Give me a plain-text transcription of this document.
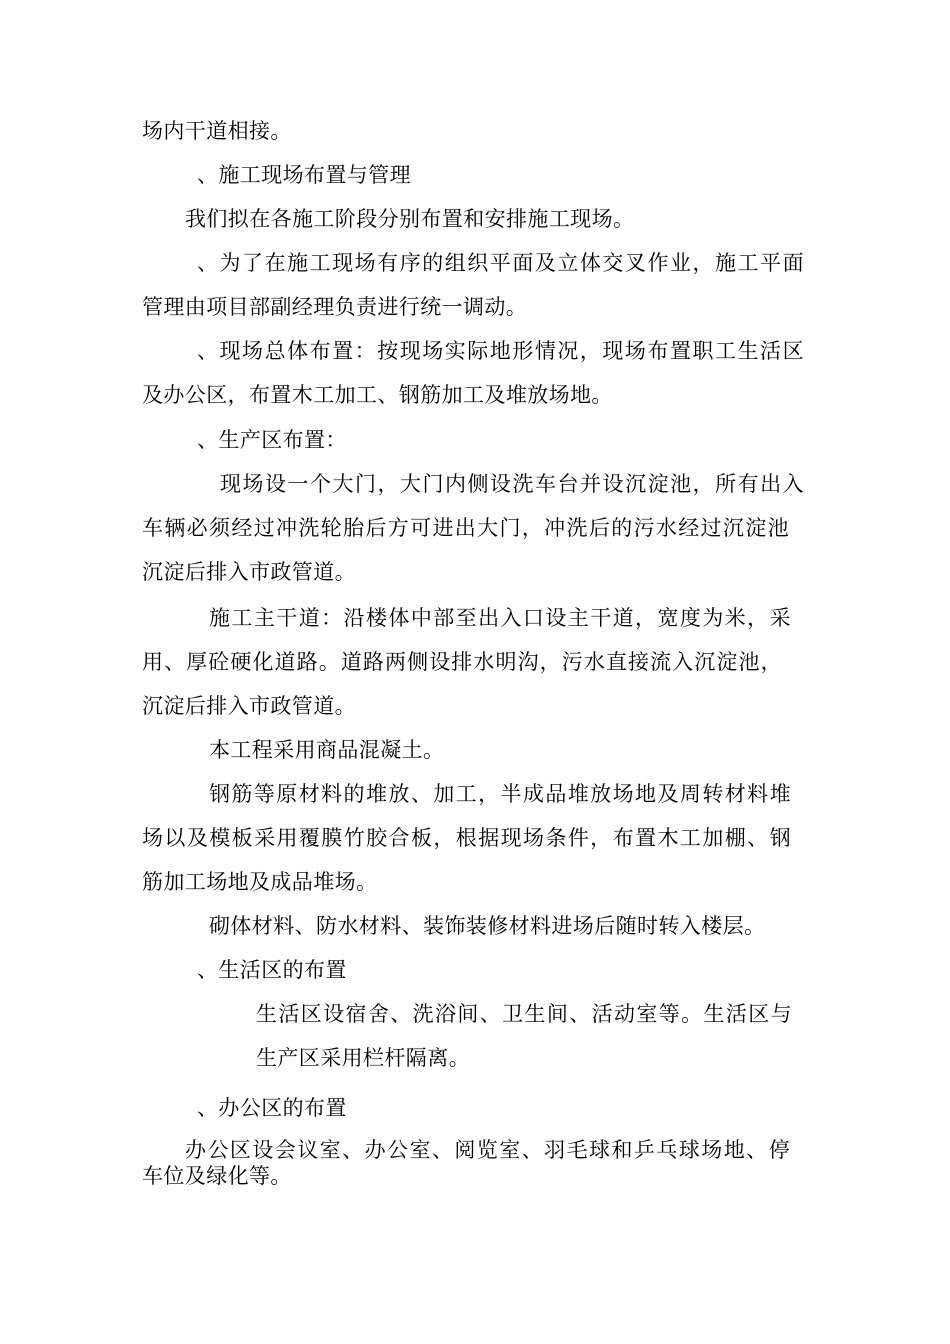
场内干道相接。
、施工现场布置与管理
我们拟在各施工阶段分别布置和安排施工现场。
、为了在施工现场有序的组织平面及立体交叉作业，施工平面
管理由项目部副经理负责进行统一调动。
、现场总体布置：按现场实际地形情况，现场布置职工生活区
及办公区，布置木工加工、钢筋加工及堆放场地。
、生产区布置：
现场设一个大门，大门内侧设洗车台并设沉淀池，所有出入
车辆必须经过冲洗轮胎后方可进出大门，冲洗后的污水经过沉淀池
沉淀后排入市政管道。
施工主干道：沿楼体中部至出入口设主干道，宽度为米，采
用、厚砼硬化道路。道路两侧设排水明沟，污水直接流入沉淀池，
沉淀后排入市政管道。
本工程采用商品混凝土。
钢筋等原材料的堆放、加工，半成品堆放场地及周转材料堆
场以及模板采用覆膜竹胶合板，根据现场条件，布置木工加棚、钢
筋加工场地及成品堆场。
砌体材料、防水材料、装饰装修材料进场后随时转入楼层。
、生活区的布置
生活区设宿舍、洗浴间、卫生间、活动室等。生活区与
生产区采用栏杆隔离。
、办公区的布置
办公区设会议室、办公室、阅览室、羽毛球和乒乓球场地、停
车位及绿化等。
